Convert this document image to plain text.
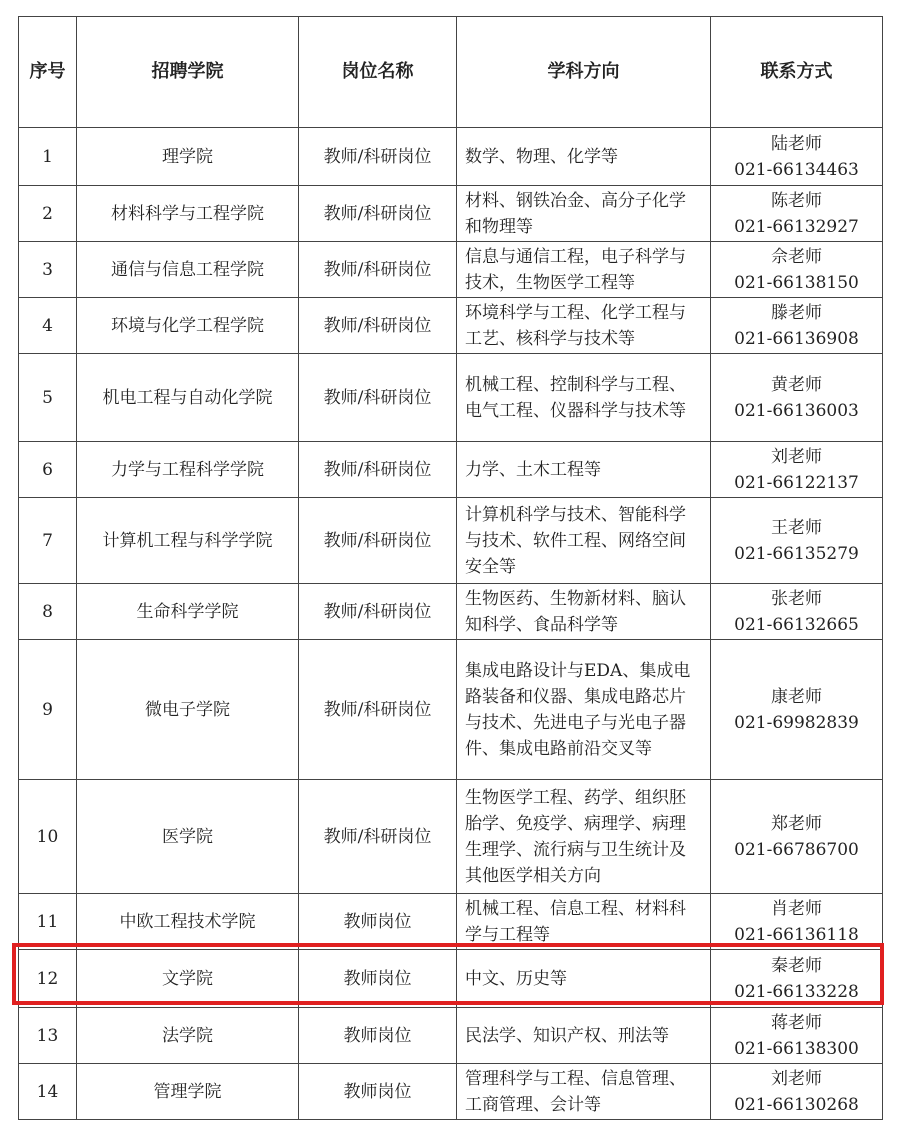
序号	招聘学院	岗位名称	学科方向	联系方式
1	理学院	教师/科研岗位	数学、物理、化学等	陆老师
021-66134463

2	材料科学与工程学院	教师/科研岗位	材料、钢铁冶金、高分子化学和物理等	陈老师
021-66132927

3	通信与信息工程学院	教师/科研岗位	信息与通信工程，电子科学与技术，生物医学工程等	佘老师
021-66138150

4	环境与化学工程学院	教师/科研岗位	环境科学与工程、化学工程与工艺、核科学与技术等	滕老师
021-66136908

5	机电工程与自动化学院	教师/科研岗位	机械工程、控制科学与工程、电气工程、仪器科学与技术等	黄老师
021-66136003

6	力学与工程科学学院	教师/科研岗位	力学、土木工程等	刘老师
021-66122137

7	计算机工程与科学学院	教师/科研岗位	计算机科学与技术、智能科学与技术、软件工程、网络空间安全等	王老师
021-66135279

8	生命科学学院	教师/科研岗位	生物医药、生物新材料、脑认知科学、食品科学等	张老师
021-66132665

9	微电子学院	教师/科研岗位	集成电路设计与EDA、集成电路装备和仪器、集成电路芯片与技术、先进电子与光电子器件、集成电路前沿交叉等	康老师
021-69982839

10	医学院	教师/科研岗位	生物医学工程、药学、组织胚胎学、免疫学、病理学、病理生理学、流行病与卫生统计及其他医学相关方向	郑老师
021-66786700

11	中欧工程技术学院	教师岗位	机械工程、信息工程、材料科学与工程等	肖老师
021-66136118

12	文学院	教师岗位	中文、历史等	秦老师
021-66133228

13	法学院	教师岗位	民法学、知识产权、刑法等	蒋老师
021-66138300

14	管理学院	教师岗位	管理科学与工程、信息管理、工商管理、会计等	刘老师
021-66130268
